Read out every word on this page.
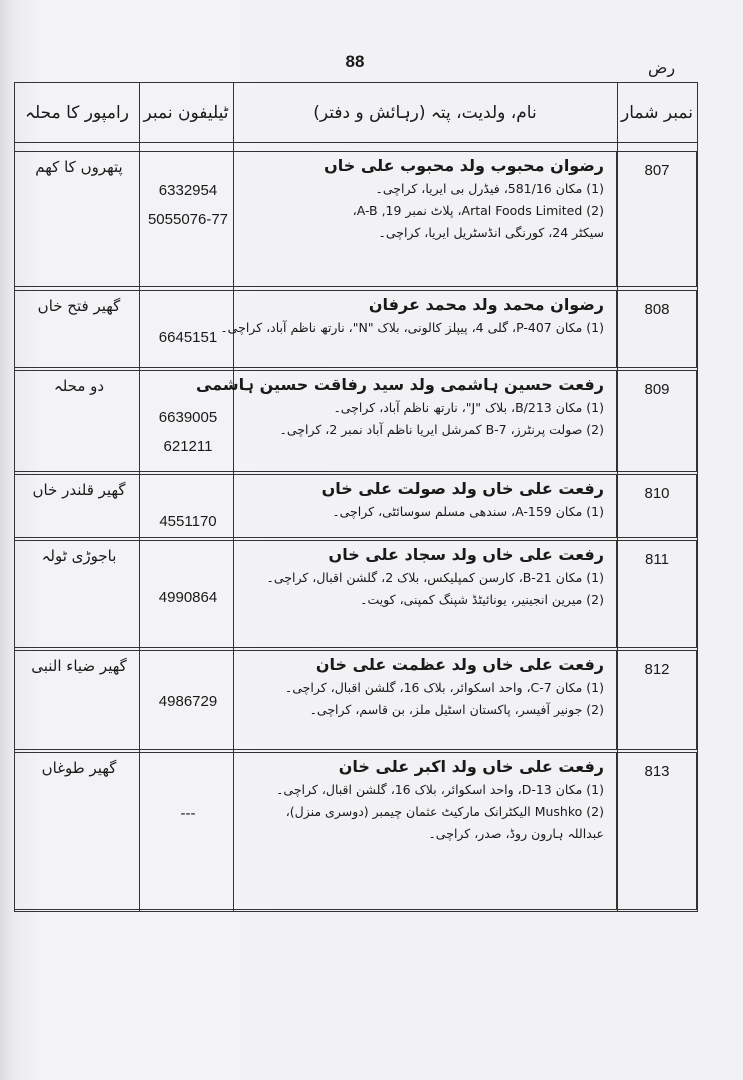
88	رض
نمبر شمار
نام، ولدیت، پتہ (رہائش و دفتر)
ٹیلیفون نمبر
رامپور کا محلہ
807
رضوان محبوب ولد محبوب علی خاں
(1) مکان 581/16، فیڈرل بی ایریا، کراچی۔
(2) Artal Foods Limited، پلاٹ نمبر A-B ,19،
سیکٹر 24، کورنگی انڈسٹریل ایریا، کراچی۔
6332954
5055076-77
پتھروں کا کھم
808
رضوان محمد ولد محمد عرفان
(1) مکان P-407، گلی 4، پیپلز کالونی، بلاک "N"، نارتھ ناظم آباد، کراچی۔
6645151
گھیر فتح خاں
809
رفعت حسین ہاشمی ولد سید رفاقت حسین ہاشمی
(1) مکان B/213، بلاک "J"، نارتھ ناظم آباد، کراچی۔
(2) صولت پرنٹرز، B-7 کمرشل ایریا ناظم آباد نمبر 2، کراچی۔
6639005
621211
دو محلہ
810
رفعت علی خاں ولد صولت علی خاں
(1) مکان A-159، سندھی مسلم سوسائٹی، کراچی۔
4551170
گھیر قلندر خاں
811
رفعت علی خاں ولد سجاد علی خاں
(1) مکان B-21، کارسن کمپلیکس، بلاک 2، گلشن اقبال، کراچی۔
(2) میرین انجینیر، یونائیٹڈ شپنگ کمپنی، کویت۔
4990864
باجوڑی ٹولہ
812
رفعت علی خاں ولد عظمت علی خان
(1) مکان C-7، واحد اسکوائر، بلاک 16، گلشن اقبال، کراچی۔
(2) جونیر آفیسر، پاکستان اسٹیل ملز، بن قاسم، کراچی۔
4986729
گھیر ضیاء النبی
813
رفعت علی خاں ولد اکبر علی خان
(1) مکان D-13، واحد اسکوائر، بلاک 16، گلشن اقبال، کراچی۔
(2) Mushko الیکٹرانک مارکیٹ عثمان چیمبر (دوسری منزل)،
عبداللہ ہارون روڈ، صدر، کراچی۔
---
گھیر طوغاں
